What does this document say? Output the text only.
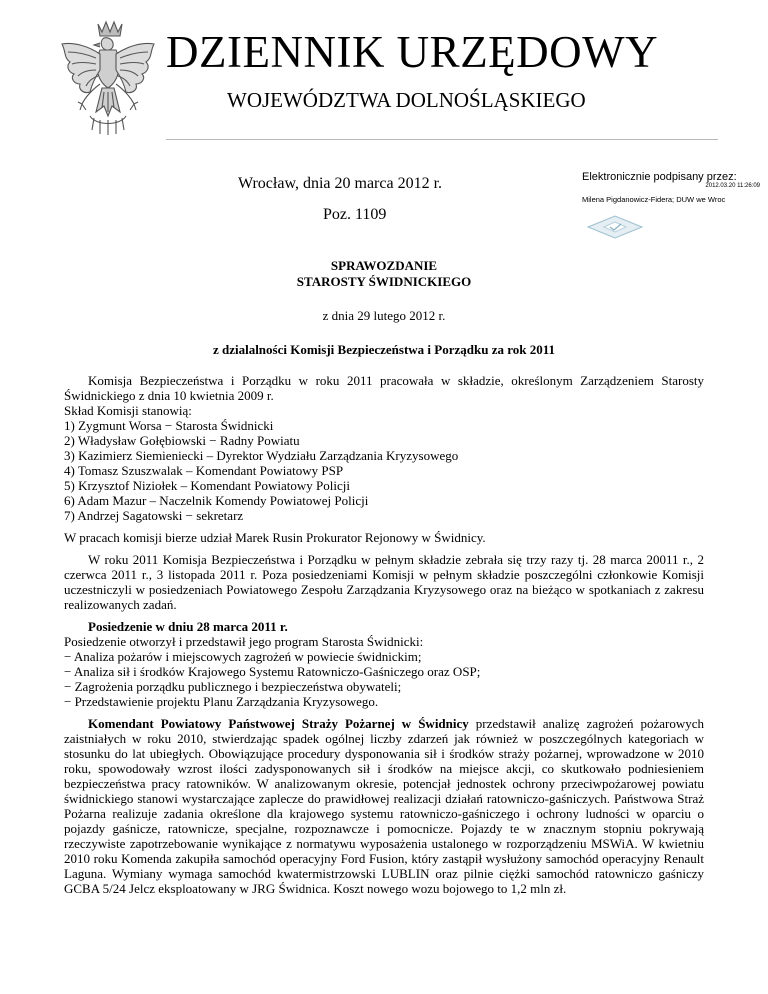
DZIENNIK URZĘDOWY
WOJEWÓDZTWA DOLNOŚLĄSKIEGO
Wrocław, dnia 20 marca 2012 r.
Poz. 1109
Elektronicznie podpisany przez:
2012.03.20 11:26:09
Milena Pigdanowicz-Fidera; DUW we Wroc
SPRAWOZDANIE
STAROSTY ŚWIDNICKIEGO
z dnia 29 lutego 2012 r.
z dzialalności Komisji Bezpieczeństwa i Porządku za rok 2011

Komisja Bezpieczeństwa i Porządku w roku 2011 pracowała w składzie, określonym Zarządzeniem Starosty Świdnickiego z dnia 10 kwietnia 2009 r.

Skład Komisji stanowią:

1) Zygmunt Worsa − Starosta Świdnicki

2) Władysław Gołębiowski − Radny Powiatu

3) Kazimierz Siemieniecki – Dyrektor Wydziału Zarządzania Kryzysowego

4) Tomasz Szuszwalak – Komendant Powiatowy PSP

5) Krzysztof Niziołek – Komendant Powiatowy Policji

6) Adam Mazur – Naczelnik Komendy Powiatowej Policji

7) Andrzej Sagatowski − sekretarz

W pracach komisji bierze udział Marek Rusin Prokurator Rejonowy w Świdnicy.

W roku 2011 Komisja Bezpieczeństwa i Porządku w pełnym składzie zebrała się trzy razy tj. 28 marca 20011 r., 2 czerwca 2011 r., 3 listopada 2011 r. Poza posiedzeniami Komisji w pełnym składzie poszczególni członkowie Komisji uczestniczyli w posiedzeniach Powiatowego Zespołu Zarządzania Kryzysowego oraz na bieżąco w spotkaniach z zakresu realizowanych zadań.

Posiedzenie w dniu 28 marca 2011 r.

Posiedzenie otworzył i przedstawił jego program Starosta Świdnicki:

− Analiza pożarów i miejscowych zagrożeń w powiecie świdnickim;

− Analiza sił i środków Krajowego Systemu Ratowniczo-Gaśniczego oraz OSP;

− Zagrożenia porządku publicznego i bezpieczeństwa obywateli;

− Przedstawienie projektu Planu Zarządzania Kryzysowego.

Komendant Powiatowy Państwowej Straży Pożarnej w Świdnicy przedstawił analizę zagrożeń pożarowych zaistniałych w roku 2010, stwierdzając spadek ogólnej liczby zdarzeń jak również w poszczególnych kategoriach w stosunku do lat ubiegłych. Obowiązujące procedury dysponowania sił i środków straży pożarnej, wprowadzone w 2010 roku, spowodowały wzrost ilości zadysponowanych sił i środków na miejsce akcji, co skutkowało podniesieniem bezpieczeństwa pracy ratowników. W analizowanym okresie, potencjał jednostek ochrony przeciwpożarowej powiatu świdnickiego stanowi wystarczające zaplecze do prawidłowej realizacji działań ratowniczo-gaśniczych. Państwowa Straż Pożarna realizuje zadania określone dla krajowego systemu ratowniczo-gaśniczego i ochrony ludności w oparciu o pojazdy gaśnicze, ratownicze, specjalne, rozpoznawcze i pomocnicze. Pojazdy te w znacznym stopniu pokrywają rzeczywiste zapotrzebowanie wynikające z normatywu wyposażenia ustalonego w rozporządzeniu MSWiA. W kwietniu 2010 roku Komenda zakupiła samochód operacyjny Ford Fusion, który zastąpił wysłużony samochód operacyjny Renault Laguna. Wymiany wymaga samochód kwatermistrzowski LUBLIN oraz pilnie ciężki samochód ratowniczo gaśniczy GCBA 5/24 Jelcz eksploatowany w JRG Świdnica. Koszt nowego wozu bojowego to 1,2 mln zł.
